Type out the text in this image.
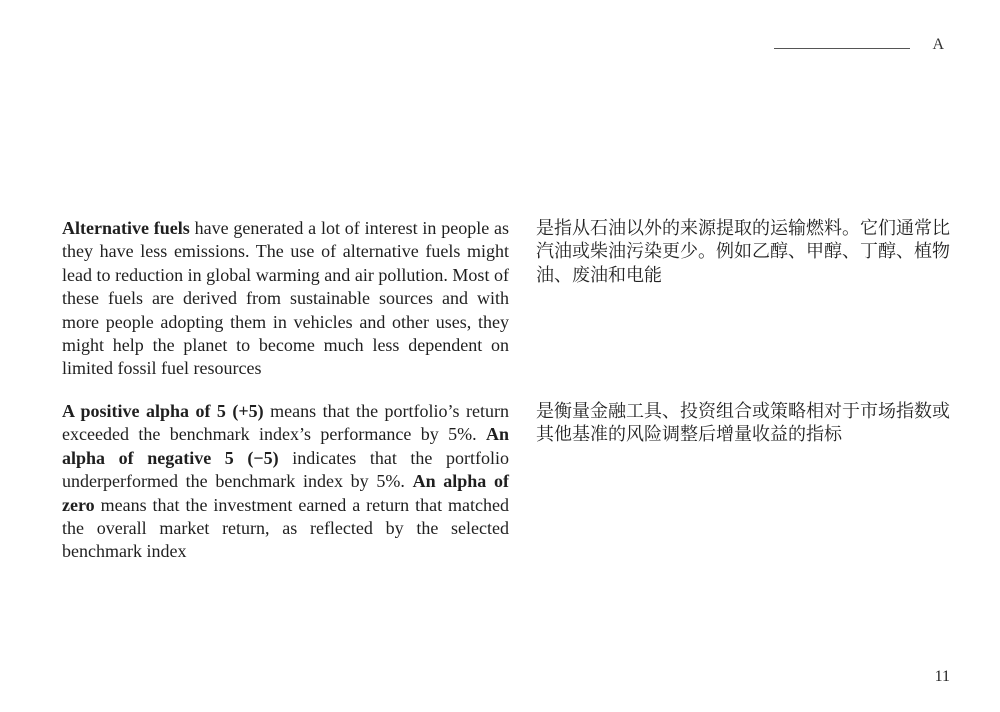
A

Alternative fuels have generated a lot of interest in people as they have less emissions. The use of alternative fuels might lead to reduction in global warming and air pollution. Most of these fuels are derived from sustainable sources and with more people adopting them in vehicles and other uses, they might help the planet to become much less dependent on limited fossil fuel resources

是指从石油以外的来源提取的运输燃料。它们通常比汽油或柴油污染更少。例如乙醇、甲醇、丁醇、植物油、废油和电能

A positive alpha of 5 (+5) means that the portfolio’s return exceeded the benchmark index’s performance by 5%. An alpha of negative 5 (−5) indicates that the portfolio underperformed the benchmark index by 5%. An alpha of zero means that the investment earned a return that matched the overall market return, as reflected by the selected benchmark index

是衡量金融工具、投资组合或策略相对于市场指数或其他基准的风险调整后增量收益的指标

11
